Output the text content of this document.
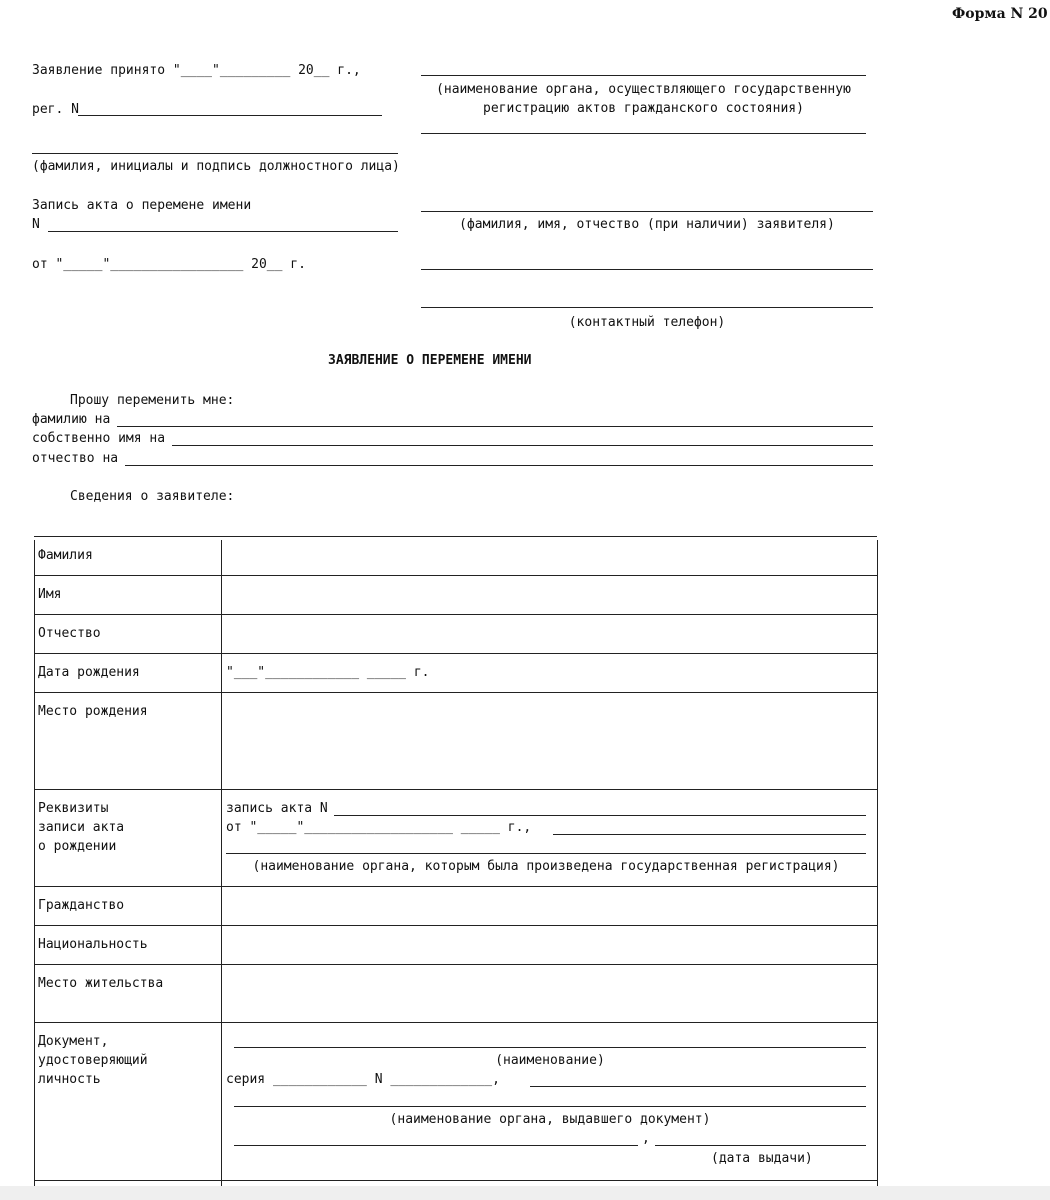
Форма N 20
Заявление принято "____"_________ 20__ г.,
рег. N
(фамилия, инициалы и подпись должностного лица)
Запись акта о перемене имени
N
от "_____"_________________ 20__ г.
(наименование органа, осуществляющего государственную
регистрацию актов гражданского состояния)
(фамилия, имя, отчество (при наличии) заявителя)
(контактный телефон)
ЗАЯВЛЕНИЕ О ПЕРЕМЕНЕ ИМЕНИ
Прошу переменить мне:
фамилию на
собственно имя на
отчество на
Сведения о заявителе:
Фамилия
Имя
Отчество
Дата рождения	"___"____________ _____ г.
Место рождения
Реквизиты
записи акта
о рождении
запись акта N
от "_____"___________________ _____ г.,
(наименование органа, которым была произведена государственная регистрация)
Гражданство
Национальность
Место жительства
Документ,
удостоверяющий
личность
(наименование)
серия ____________ N _____________,
(наименование органа, выдавшего документ)
,
(дата выдачи)
